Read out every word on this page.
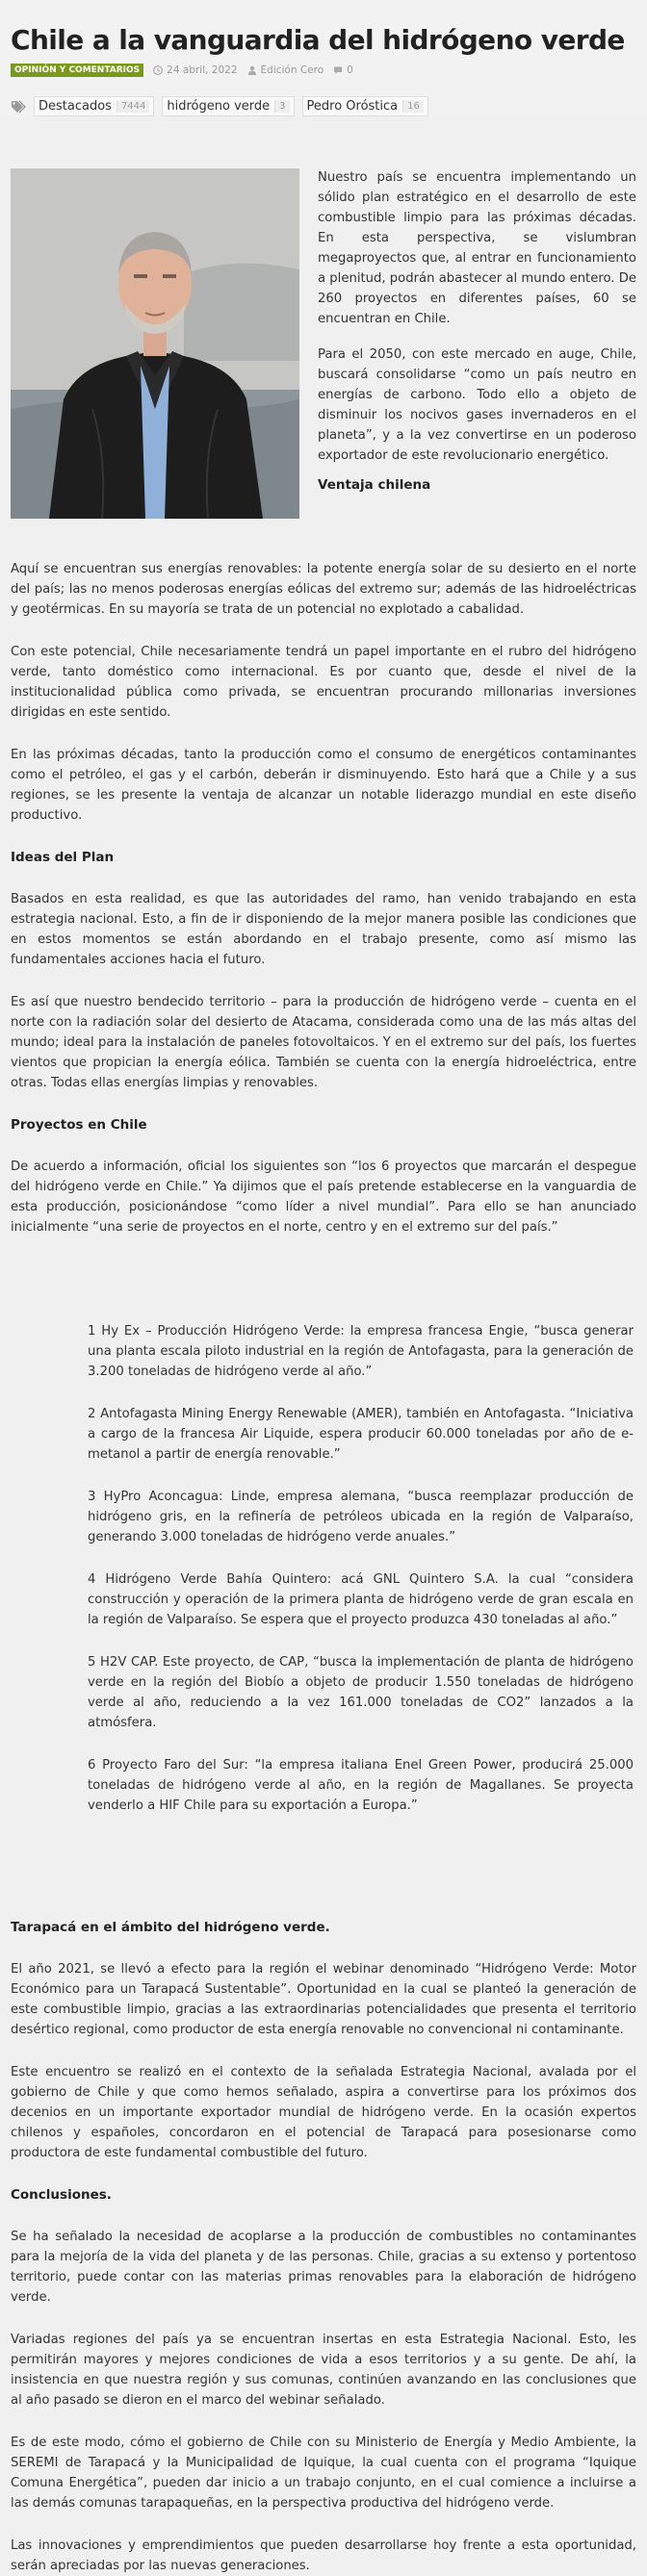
Chile a la vanguardia del hidrógeno verde
OPINIÓN Y COMENTARIOS	24 abril, 2022 Edición Cero 0
Destacados	7444	hidrógeno verde	3	Pedro Oróstica	16

Nuestro país se encuentra implementando un sólido plan estratégico en el desarrollo de este combustible limpio para las próximas décadas. En esta perspectiva, se vislumbran megaproyectos que, al entrar en funcionamiento a plenitud, podrán abastecer al mundo entero. De 260 proyectos en diferentes países, 60 se encuentran en Chile.

Para el 2050, con este mercado en auge, Chile, buscará consolidarse “como un país neutro en energías de carbono. Todo ello a objeto de disminuir los nocivos gases invernaderos en el planeta”, y a la vez convertirse en un poderoso exportador de este revolucionario energético.

Ventaja chilena

Aquí se encuentran sus energías renovables: la potente energía solar de su desierto en el norte del país; las no menos poderosas energías eólicas del extremo sur; además de las hidroeléctricas y geotérmicas. En su mayoría se trata de un potencial no explotado a cabalidad.

Con este potencial, Chile necesariamente tendrá un papel importante en el rubro del hidrógeno verde, tanto doméstico como internacional. Es por cuanto que, desde el nivel de la institucionalidad pública como privada, se encuentran procurando millonarias inversiones dirigidas en este sentido.

En las próximas décadas, tanto la producción como el consumo de energéticos contaminantes como el petróleo, el gas y el carbón, deberán ir disminuyendo. Esto hará que a Chile y a sus regiones, se les presente la ventaja de alcanzar un notable liderazgo mundial en este diseño productivo.

Ideas del Plan

Basados en esta realidad, es que las autoridades del ramo, han venido trabajando en esta estrategia nacional. Esto, a fin de ir disponiendo de la mejor manera posible las condiciones que en estos momentos se están abordando en el trabajo presente, como así mismo las fundamentales acciones hacia el futuro.

Es así que nuestro bendecido territorio – para la producción de hidrógeno verde – cuenta en el norte con la radiación solar del desierto de Atacama, considerada como una de las más altas del mundo; ideal para la instalación de paneles fotovoltaicos. Y en el extremo sur del país, los fuertes vientos que propician la energía eólica. También se cuenta con la energía hidroeléctrica, entre otras. Todas ellas energías limpias y renovables.

Proyectos en Chile

De acuerdo a información, oficial los siguientes son “los 6 proyectos que marcarán el despegue del hidrógeno verde en Chile.” Ya dijimos que el país pretende establecerse en la vanguardia de esta producción, posicionándose “como líder a nivel mundial”. Para ello se han anunciado inicialmente “una serie de proyectos en el norte, centro y en el extremo sur del país.”

1 Hy Ex – Producción Hidrógeno Verde: la empresa francesa Engie, “busca generar una planta escala piloto industrial en la región de Antofagasta, para la generación de 3.200 toneladas de hidrógeno verde al año.”

2 Antofagasta Mining Energy Renewable (AMER), también en Antofagasta. “Iniciativa a cargo de la francesa Air Liquide, espera producir 60.000 toneladas por año de e-metanol a partir de energía renovable.”

3 HyPro Aconcagua: Linde, empresa alemana, “busca reemplazar producción de hidrógeno gris, en la refinería de petróleos ubicada en la región de Valparaíso, generando 3.000 toneladas de hidrógeno verde anuales.”

4 Hidrógeno Verde Bahía Quintero: acá GNL Quintero S.A. la cual “considera construcción y operación de la primera planta de hidrógeno verde de gran escala en la región de Valparaíso. Se espera que el proyecto produzca 430 toneladas al año.”

5 H2V CAP. Este proyecto, de CAP, “busca la implementación de planta de hidrógeno verde en la región del Biobío a objeto de producir 1.550 toneladas de hidrógeno verde al año, reduciendo a la vez 161.000 toneladas de CO2” lanzados a la atmósfera.

6 Proyecto Faro del Sur: “la empresa italiana Enel Green Power, producirá 25.000 toneladas de hidrógeno verde al año, en la región de Magallanes. Se proyecta venderlo a HIF Chile para su exportación a Europa.”

Tarapacá en el ámbito del hidrógeno verde.

El año 2021, se llevó a efecto para la región el webinar denominado “Hidrógeno Verde: Motor Económico para un Tarapacá Sustentable”. Oportunidad en la cual se planteó la generación de este combustible limpio, gracias a las extraordinarias potencialidades que presenta el territorio desértico regional, como productor de esta energía renovable no convencional ni contaminante.

Este encuentro se realizó en el contexto de la señalada Estrategia Nacional, avalada por el gobierno de Chile y que como hemos señalado, aspira a convertirse para los próximos dos decenios en un importante exportador mundial de hidrógeno verde. En la ocasión expertos chilenos y españoles, concordaron en el potencial de Tarapacá para posesionarse como productora de este fundamental combustible del futuro.

Conclusiones.

Se ha señalado la necesidad de acoplarse a la producción de combustibles no contaminantes para la mejoría de la vida del planeta y de las personas. Chile, gracias a su extenso y portentoso territorio, puede contar con las materias primas renovables para la elaboración de hidrógeno verde.

Variadas regiones del país ya se encuentran insertas en esta Estrategia Nacional. Esto, les permitirán mayores y mejores condiciones de vida a esos territorios y a su gente. De ahí, la insistencia en que nuestra región y sus comunas, continúen avanzando en las conclusiones que al año pasado se dieron en el marco del webinar señalado.

Es de este modo, cómo el gobierno de Chile con su Ministerio de Energía y Medio Ambiente, la SEREMI de Tarapacá y la Municipalidad de Iquique, la cual cuenta con el programa “Iquique Comuna Energética”, pueden dar inicio a un trabajo conjunto, en el cual comience a incluirse a las demás comunas tarapaqueñas, en la perspectiva productiva del hidrógeno verde.

Las innovaciones y emprendimientos que pueden desarrollarse hoy frente a esta oportunidad, serán apreciadas por las nuevas generaciones.
